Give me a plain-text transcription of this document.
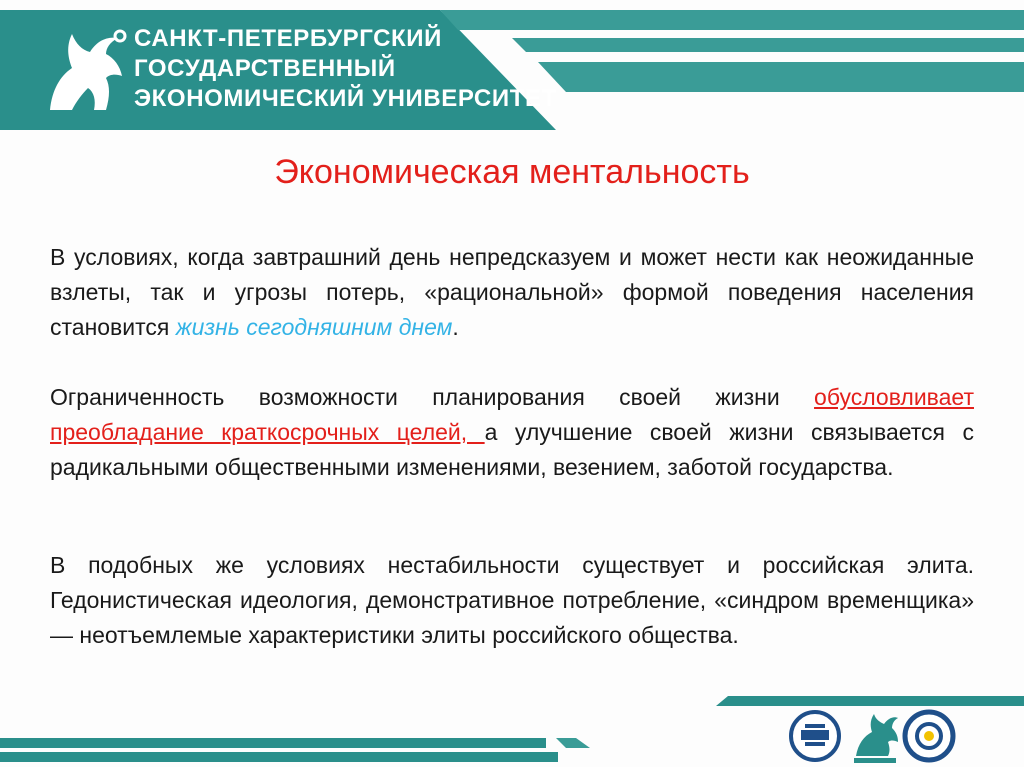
САНКТ-ПЕТЕРБУРГСКИЙ
ГОСУДАРСТВЕННЫЙ
ЭКОНОМИЧЕСКИЙ УНИВЕРСИТЕТ
Экономическая ментальность
В условиях, когда завтрашний день непредсказуем и может нести как неожиданные взлеты, так и угрозы потерь, «рациональной» формой поведения населения становится жизнь сегодняшним днем.
Ограниченность возможности планирования своей жизни обусловливает преобладание краткосрочных целей, а улучшение своей жизни связывается с радикальными общественными изменениями, везением, заботой государства.
В подобных же условиях нестабильности существует и российская элита. Гедонистическая идеология, демонстративное потребление, «синдром временщика» — неотъемлемые характеристики элиты российского общества.
